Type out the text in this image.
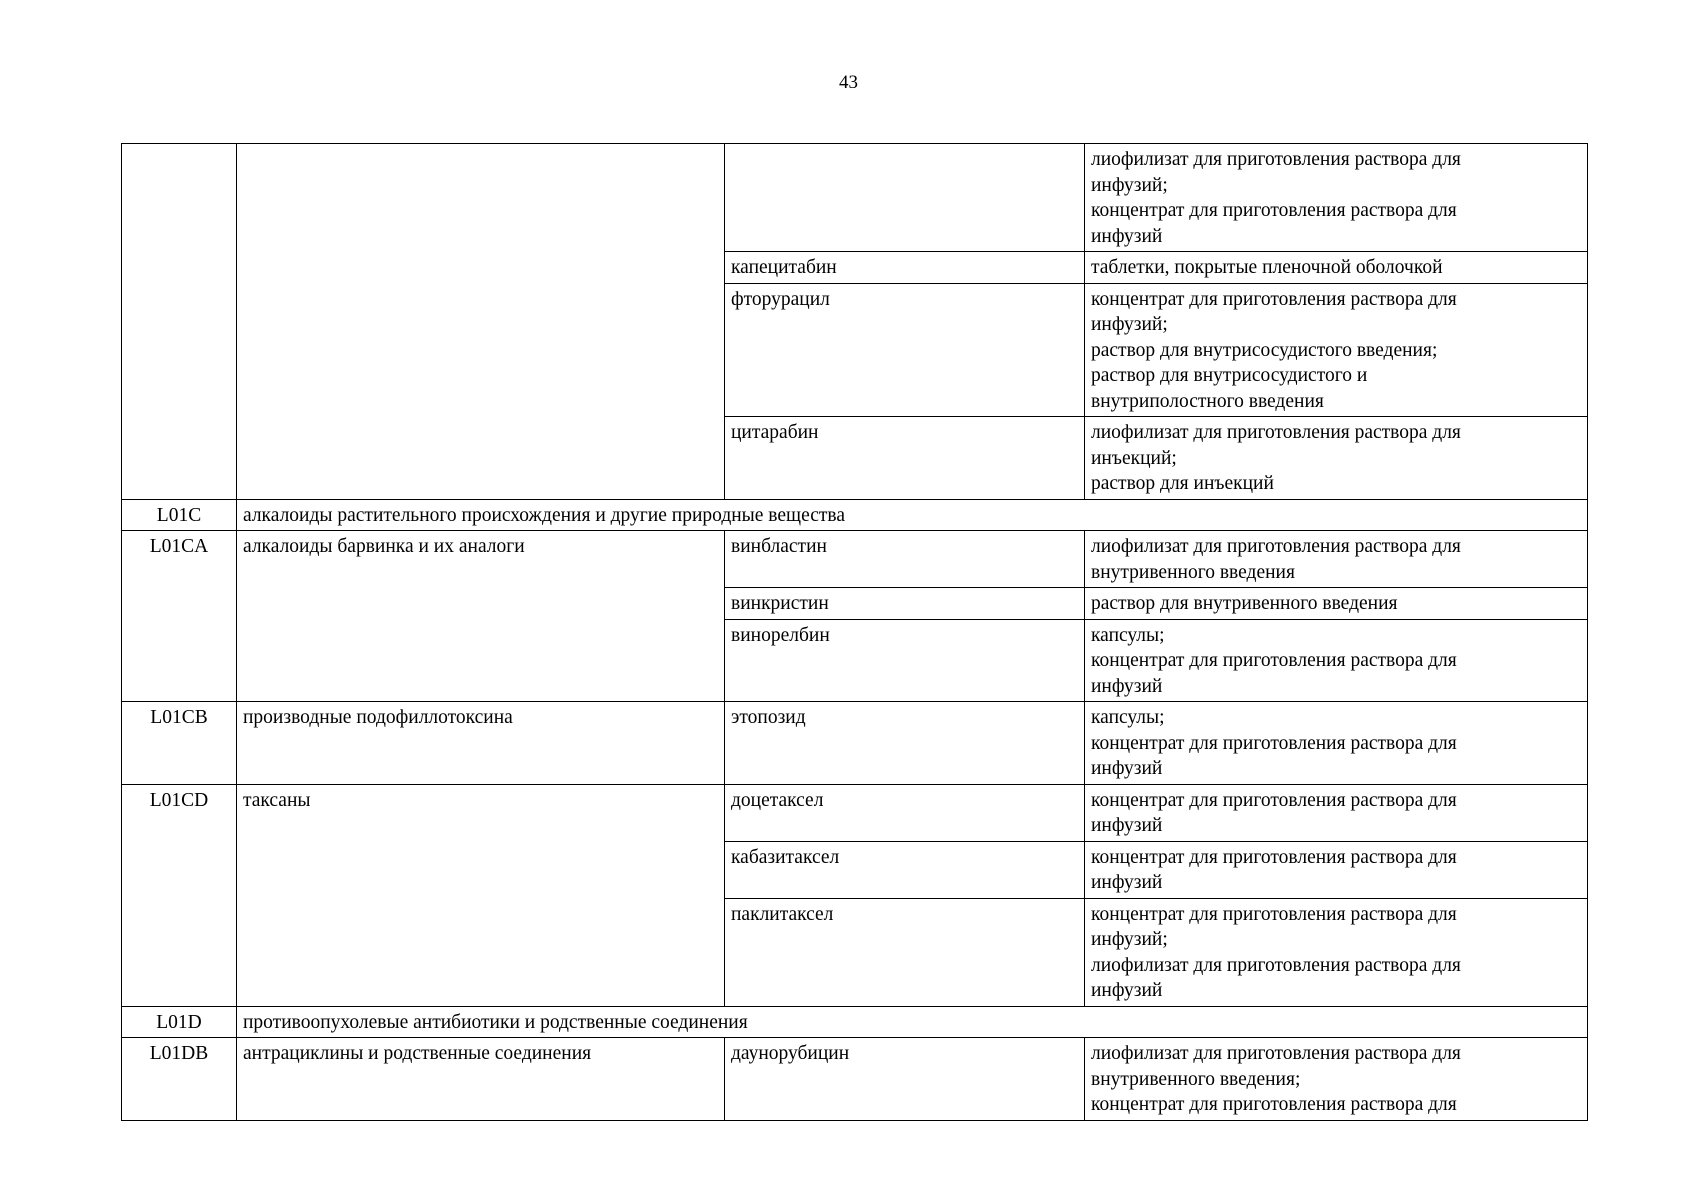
43

			лиофилизат для приготовления раствора для
инфузий;
концентрат для приготовления раствора для
инфузий

		капецитабин	таблетки, покрытые пленочной оболочкой

		фторурацил	концентрат для приготовления раствора для
инфузий;
раствор для внутрисосудистого введения;
раствор для внутрисосудистого и
внутриполостного введения

		цитарабин	лиофилизат для приготовления раствора для
инъекций;
раствор для инъекций

L01C	алкалоиды растительного происхождения и другие природные вещества		
L01CA	алкалоиды барвинка и их аналоги	винбластин	лиофилизат для приготовления раствора для
внутривенного введения

		винкристин	раствор для внутривенного введения

		винорелбин	капсулы;
концентрат для приготовления раствора для
инфузий

L01CB	производные подофиллотоксина	этопозид	капсулы;
концентрат для приготовления раствора для
инфузий

L01CD	таксаны	доцетаксел	концентрат для приготовления раствора для
инфузий

		кабазитаксел	концентрат для приготовления раствора для
инфузий

		паклитаксел	концентрат для приготовления раствора для
инфузий;
лиофилизат для приготовления раствора для
инфузий

L01D	противоопухолевые антибиотики и родственные соединения		
L01DB	антрациклины и родственные соединения	даунорубицин	лиофилизат для приготовления раствора для
внутривенного введения;
концентрат для приготовления раствора для
